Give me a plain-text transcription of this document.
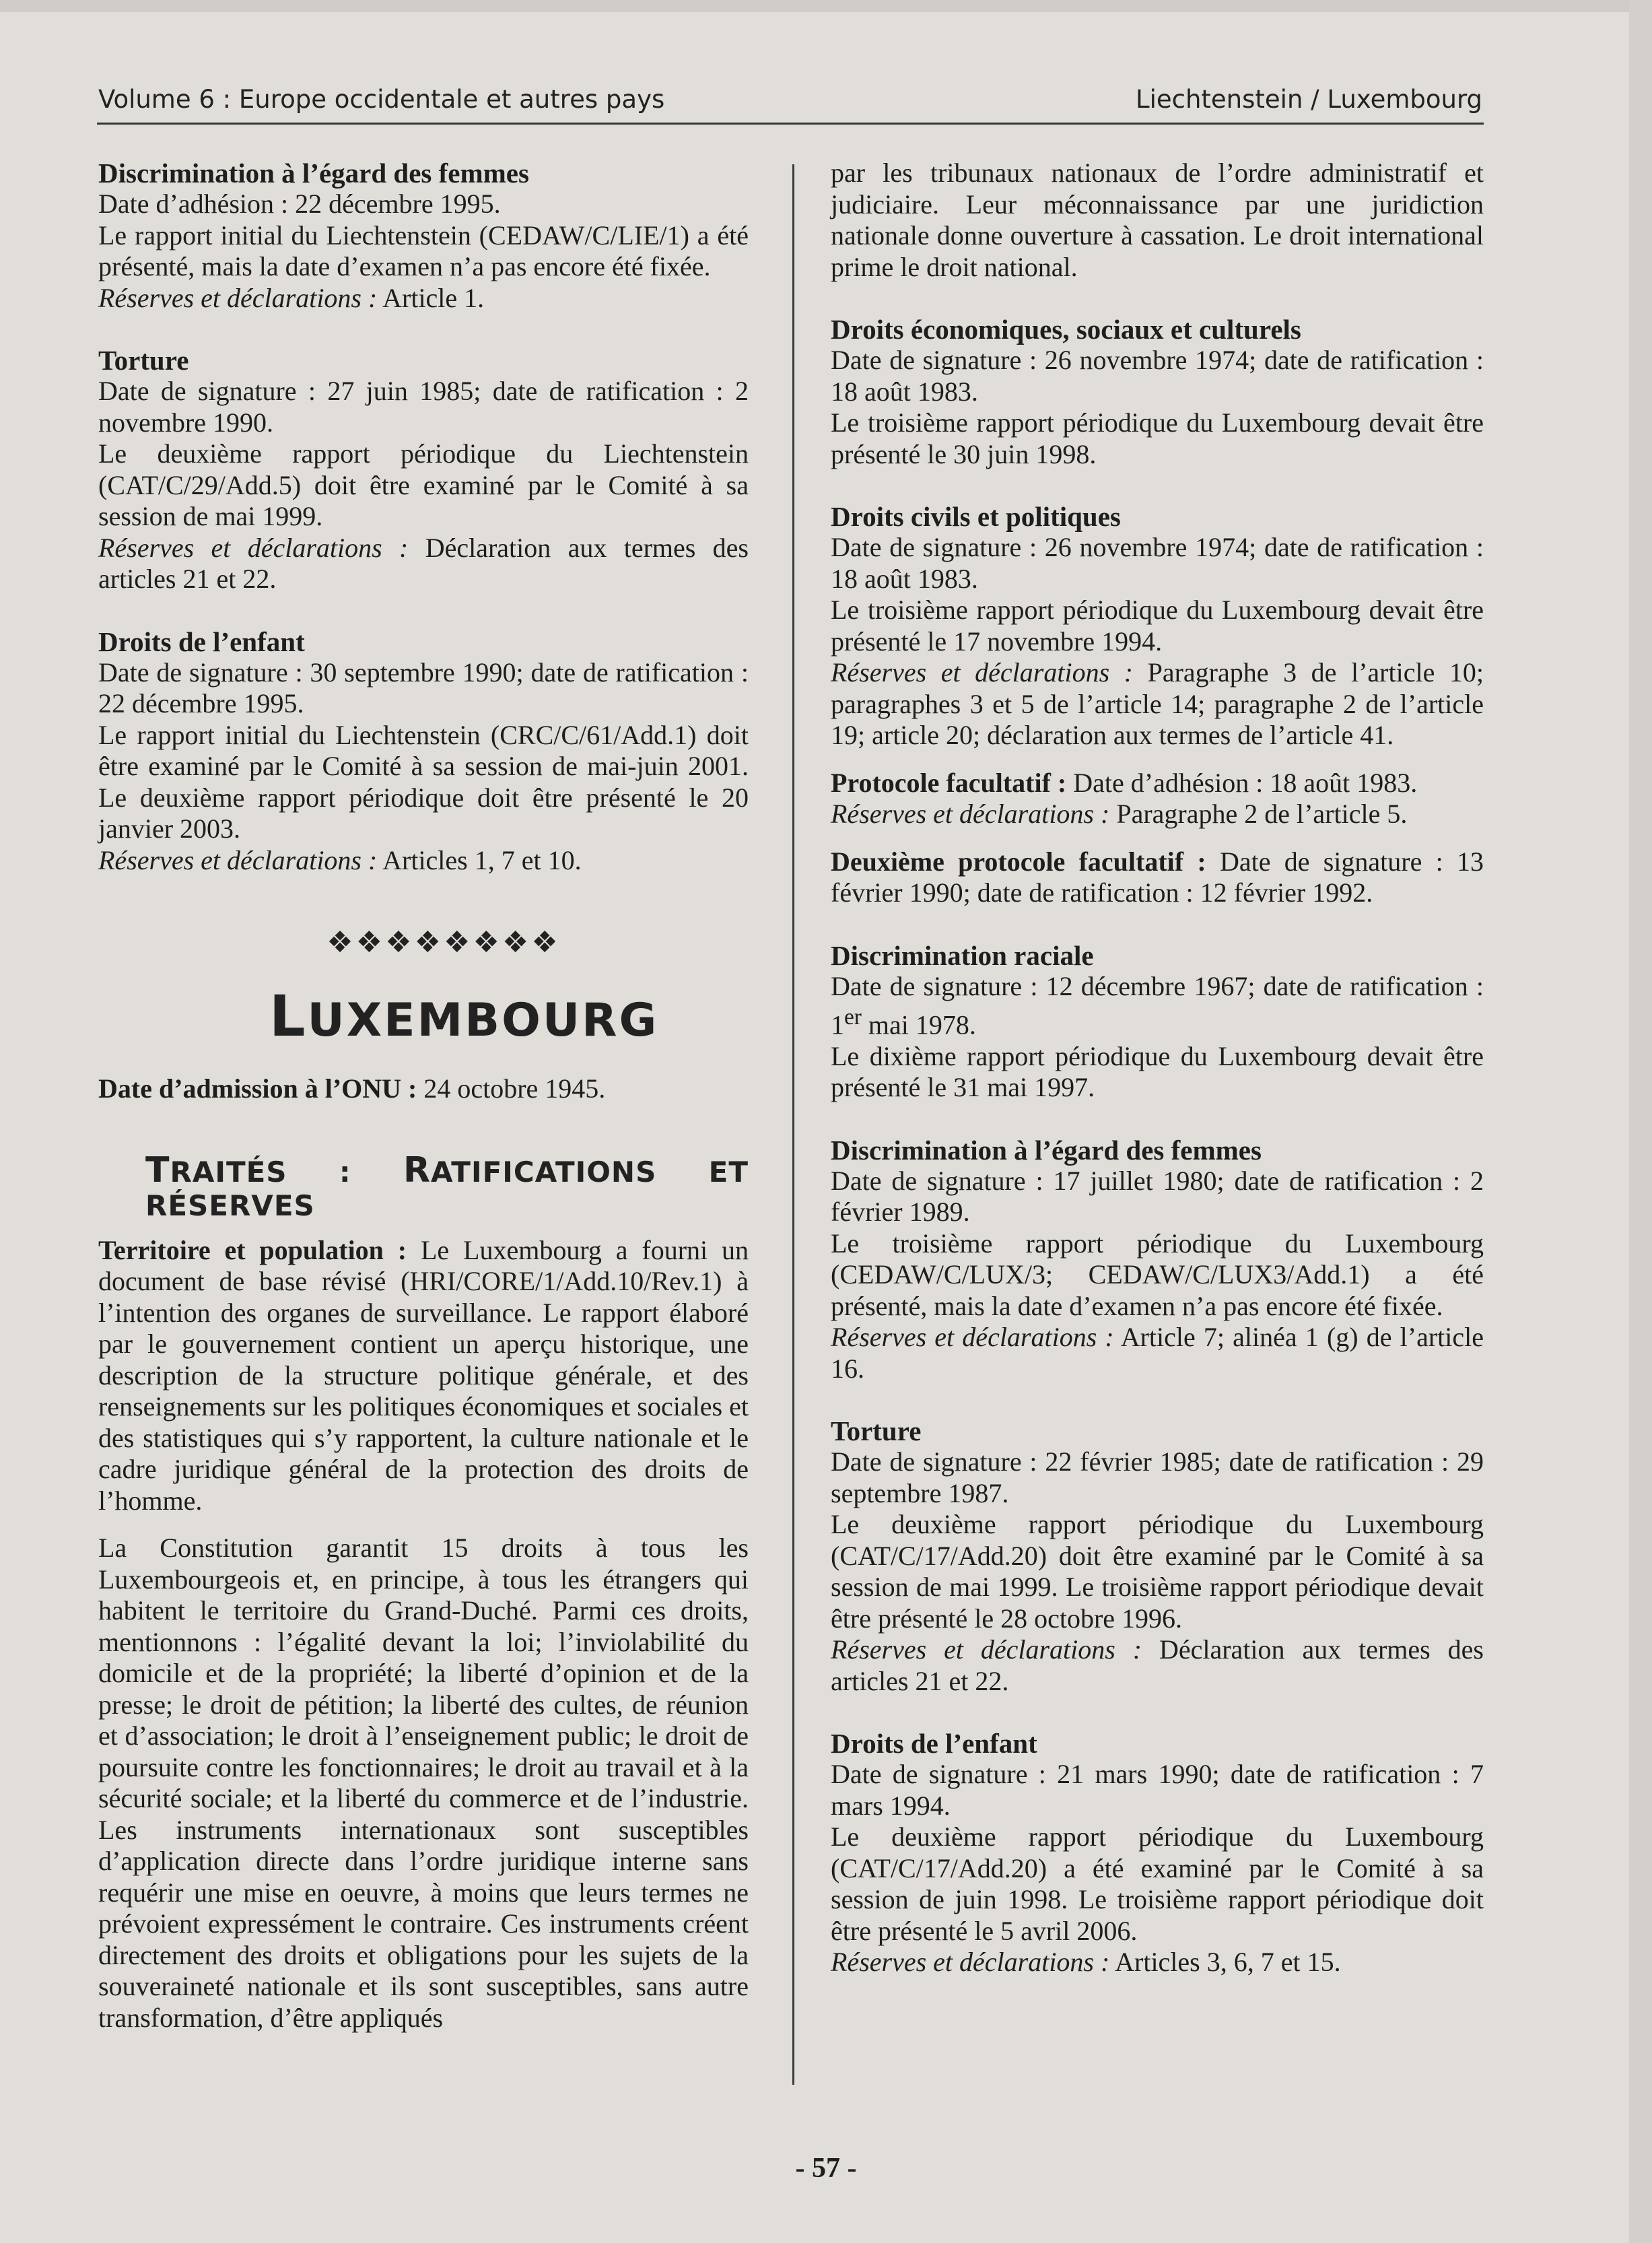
Volume 6 : Europe occidentale et autres pays	Liechtenstein / Luxembourg

Discrimination à l’égard des femmes

Date d’adhésion : 22 décembre 1995.

Le rapport initial du Liechtenstein (CEDAW/C/LIE/1) a été présenté, mais la date d’examen n’a pas encore été fixée.

Réserves et déclarations : Article 1.

Torture

Date de signature : 27 juin 1985; date de ratification : 2 novembre 1990.

Le deuxième rapport périodique du Liechtenstein (CAT/C/29/Add.5) doit être examiné par le Comité à sa session de mai 1999.

Réserves et déclarations : Déclaration aux termes des articles 21 et 22.

Droits de l’enfant

Date de signature : 30 septembre 1990; date de ratification : 22 décembre 1995.

Le rapport initial du Liechtenstein (CRC/C/61/Add.1) doit être examiné par le Comité à sa session de mai-juin 2001. Le deuxième rapport périodique doit être présenté le 20 janvier 2003.

Réserves et déclarations : Articles 1, 7 et 10.

❖❖❖❖❖❖❖❖
LUXEMBOURG

Date d’admission à l’ONU : 24 octobre 1945.

TRAITÉS : RATIFICATIONS ET RÉSERVES

Territoire et population : Le Luxembourg a fourni un document de base révisé (HRI/CORE/1/Add.10/Rev.1) à l’intention des organes de surveillance. Le rapport élaboré par le gouvernement contient un aperçu historique, une description de la structure politique générale, et des renseignements sur les politiques économiques et sociales et des statistiques qui s’y rapportent, la culture nationale et le cadre juridique général de la protection des droits de l’homme.

La Constitution garantit 15 droits à tous les Luxembourgeois et, en principe, à tous les étrangers qui habitent le territoire du Grand-Duché. Parmi ces droits, mentionnons : l’égalité devant la loi; l’inviolabilité du domicile et de la propriété; la liberté d’opinion et de la presse; le droit de pétition; la liberté des cultes, de réunion et d’association; le droit à l’enseignement public; le droit de poursuite contre les fonctionnaires; le droit au travail et à la sécurité sociale; et la liberté du commerce et de l’industrie. Les instruments internationaux sont susceptibles d’application directe dans l’ordre juridique interne sans requérir une mise en oeuvre, à moins que leurs termes ne prévoient expressément le contraire. Ces instruments créent directement des droits et obligations pour les sujets de la souveraineté nationale et ils sont susceptibles, sans autre transformation, d’être appliqués

par les tribunaux nationaux de l’ordre administratif et judiciaire. Leur méconnaissance par une juridiction nationale donne ouverture à cassation. Le droit international prime le droit national.

Droits économiques, sociaux et culturels

Date de signature : 26 novembre 1974; date de ratification : 18 août 1983.

Le troisième rapport périodique du Luxembourg devait être présenté le 30 juin 1998.

Droits civils et politiques

Date de signature : 26 novembre 1974; date de ratification : 18 août 1983.

Le troisième rapport périodique du Luxembourg devait être présenté le 17 novembre 1994.

Réserves et déclarations : Paragraphe 3 de l’article 10; paragraphes 3 et 5 de l’article 14; paragraphe 2 de l’article 19; article 20; déclaration aux termes de l’article 41.

Protocole facultatif : Date d’adhésion : 18 août 1983.

Réserves et déclarations : Paragraphe 2 de l’article 5.

Deuxième protocole facultatif : Date de signature : 13 février 1990; date de ratification : 12 février 1992.

Discrimination raciale

Date de signature : 12 décembre 1967; date de ratification : 1er mai 1978.

Le dixième rapport périodique du Luxembourg devait être présenté le 31 mai 1997.

Discrimination à l’égard des femmes

Date de signature : 17 juillet 1980; date de ratification : 2 février 1989.

Le troisième rapport périodique du Luxembourg (CEDAW/C/LUX/3; CEDAW/C/LUX3/Add.1) a été présenté, mais la date d’examen n’a pas encore été fixée.

Réserves et déclarations : Article 7; alinéa 1 (g) de l’article 16.

Torture

Date de signature : 22 février 1985; date de ratification : 29 septembre 1987.

Le deuxième rapport périodique du Luxembourg (CAT/C/17/Add.20) doit être examiné par le Comité à sa session de mai 1999. Le troisième rapport périodique devait être présenté le 28 octobre 1996.

Réserves et déclarations : Déclaration aux termes des articles 21 et 22.

Droits de l’enfant

Date de signature : 21 mars 1990; date de ratification : 7 mars 1994.

Le deuxième rapport périodique du Luxembourg (CAT/C/17/Add.20) a été examiné par le Comité à sa session de juin 1998. Le troisième rapport périodique doit être présenté le 5 avril 2006.

Réserves et déclarations : Articles 3, 6, 7 et 15.

- 57 -
